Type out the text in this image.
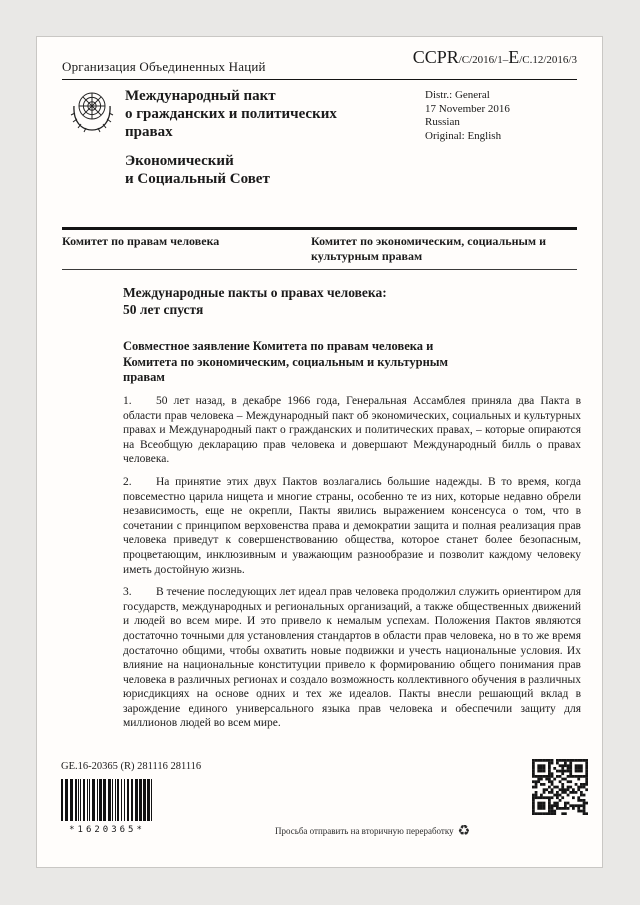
Организация Объединенных Наций	CCPR/C/2016/1–E/C.12/2016/3
Международный пакт
о гражданских и политических
правах
Экономический
и Социальный Совет
Distr.: General
17 November 2016
Russian
Original: English
Комитет по правам человека	Комитет по экономическим, социальным и культурным правам
Международные пакты о правах человека:
50 лет спустя
Совместное заявление Комитета по правам человека и Комитета по экономическим, социальным и культурным правам

1. 50 лет назад, в декабре 1966 года, Генеральная Ассамблея приняла два Пакта в области прав человека – Международный пакт об экономических, социальных и культурных правах и Международный пакт о гражданских и политических правах, – которые опираются на Всеобщую декларацию прав человека и довершают Международный билль о правах человека.

2. На принятие этих двух Пактов возлагались большие надежды. В то время, когда повсеместно царила нищета и многие страны, особенно те из них, которые недавно обрели независимость, еще не окрепли, Пакты явились выражением консенсуса о том, что в сочетании с принципом верховенства права и демократии защита и полная реализация прав человека приведут к совершенствованию общества, которое станет более безопасным, процветающим, инклюзивным и уважающим разнообразие и позволит каждому человеку иметь достойную жизнь.

3. В течение последующих лет идеал прав человека продолжил служить ориентиром для государств, международных и региональных организаций, а также общественных движений и людей во всем мире. И это привело к немалым успехам. Положения Пактов являются достаточно точными для установления стандартов в области прав человека, но в то же время достаточно общими, чтобы охватить новые подвижки и учесть национальные условия. Их влияние на национальные конституции привело к формированию общего понимания прав человека в различных регионах и создало возможность коллективного обучения в различных юрисдикциях на основе одних и тех же идеалов. Пакты внесли решающий вклад в зарождение единого универсального языка прав человека и обеспечили защиту для миллионов людей во всем мире.

GE.16-20365 (R) 281116 281116
*1620365*	Просьба отправить на вторичную переработку ♻
